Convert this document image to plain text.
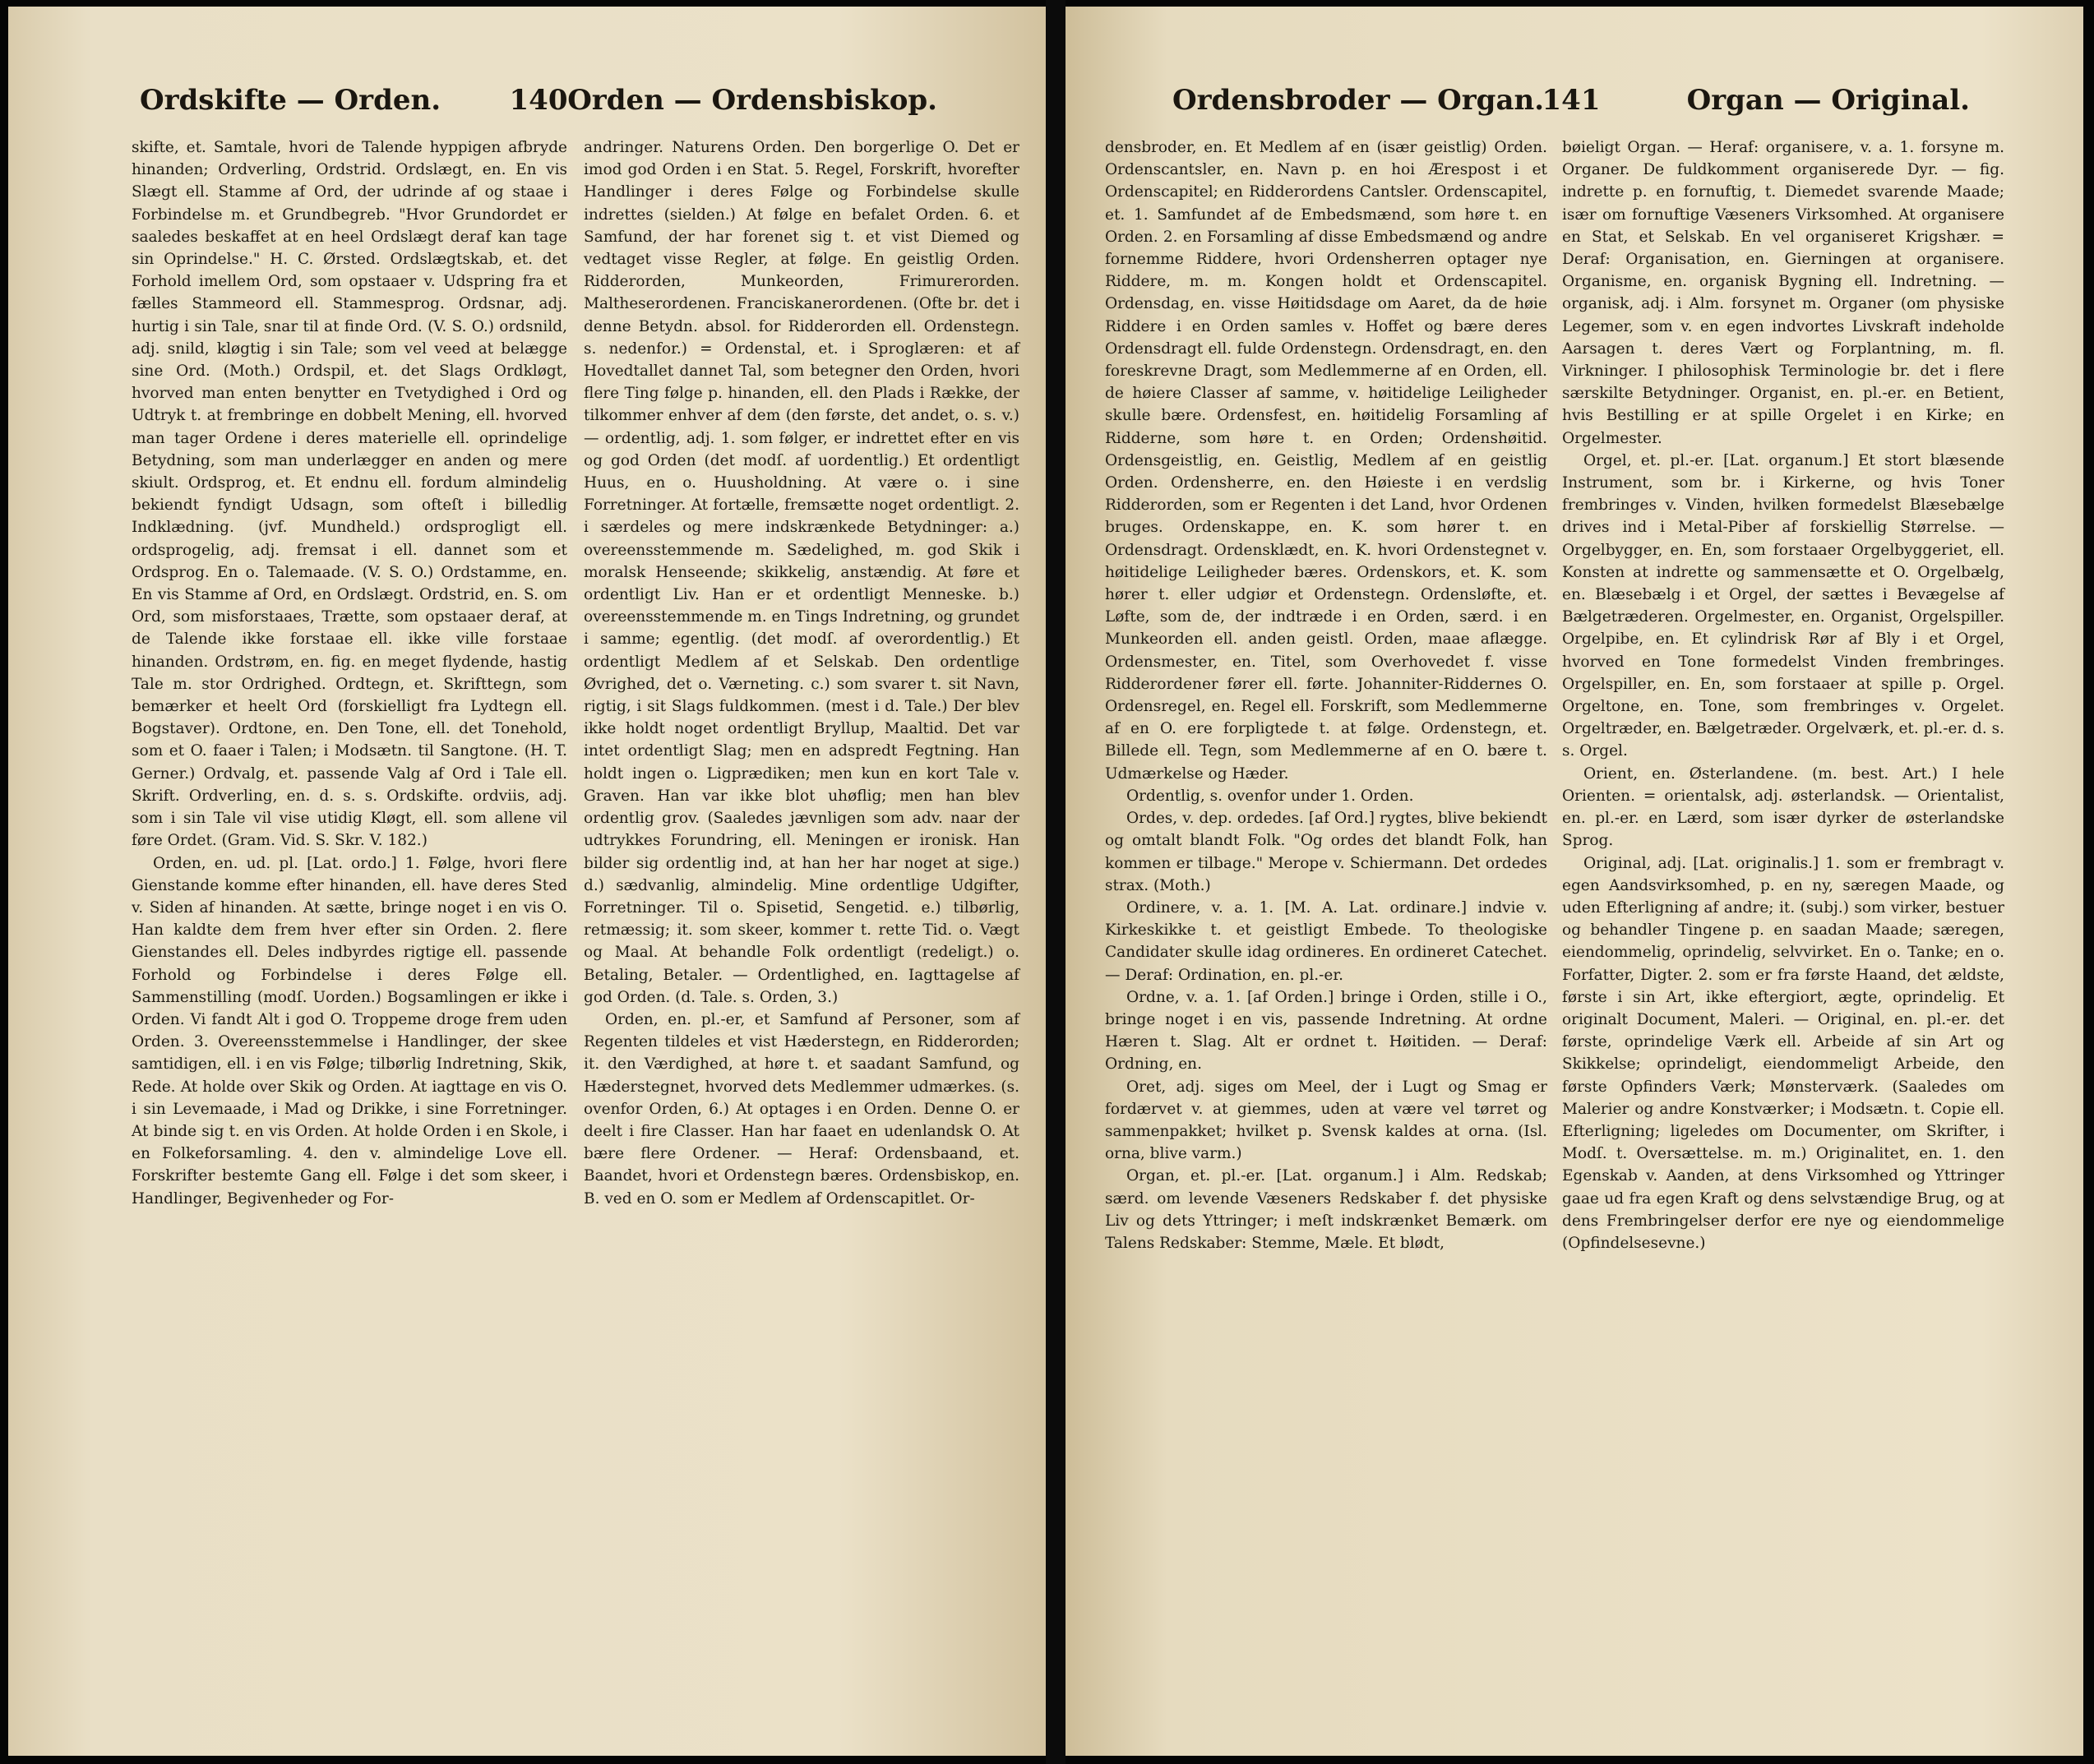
Ordskifte — Orden.	140 Orden — Ordensbiskop.

skifte, et. Samtale, hvori de Talende hyppigen afbryde hinanden; Ordverling, Ordstrid. Ordslægt, en. En vis Slægt ell. Stamme af Ord, der udrinde af og staae i Forbindelse m. et Grundbegreb. "Hvor Grundordet er saaledes beskaffet at en heel Ordslægt deraf kan tage sin Oprindelse." H. C. Ørsted. Ordslægtskab, et. det Forhold imellem Ord, som opstaaer v. Udspring fra et fælles Stammeord ell. Stammesprog. Ordsnar, adj. hurtig i sin Tale, snar til at finde Ord. (V. S. O.) ordsnild, adj. snild, kløgtig i sin Tale; som vel veed at belægge sine Ord. (Moth.) Ordspil, et. det Slags Ordkløgt, hvorved man enten benytter en Tvetydighed i Ord og Udtryk t. at frembringe en dobbelt Mening, ell. hvorved man tager Ordene i deres materielle ell. oprindelige Betydning, som man underlægger en anden og mere skiult. Ordsprog, et. Et endnu ell. fordum almindelig bekiendt fyndigt Udsagn, som ofteſt i billedlig Indklædning. (jvf. Mundheld.) ordsprogligt ell. ordsprogelig, adj. fremsat i ell. dannet som et Ordsprog. En o. Talemaade. (V. S. O.) Ordstamme, en. En vis Stamme af Ord, en Ordslægt. Ordstrid, en. S. om Ord, som misforstaaes, Trætte, som opstaaer deraf, at de Talende ikke forstaae ell. ikke ville forstaae hinanden. Ordstrøm, en. fig. en meget flydende, hastig Tale m. stor Ordrighed. Ordtegn, et. Skrifttegn, som bemærker et heelt Ord (forskielligt fra Lydtegn ell. Bogstaver). Ordtone, en. Den Tone, ell. det Tonehold, som et O. faaer i Talen; i Modsætn. til Sangtone. (H. T. Gerner.) Ordvalg, et. passende Valg af Ord i Tale ell. Skrift. Ordverling, en. d. s. s. Ordskifte. ordviis, adj. som i sin Tale vil vise utidig Kløgt, ell. som allene vil føre Ordet. (Gram. Vid. S. Skr. V. 182.)

Orden, en. ud. pl. [Lat. ordo.] 1. Følge, hvori flere Gienstande komme efter hinanden, ell. have deres Sted v. Siden af hinanden. At sætte, bringe noget i en vis O. Han kaldte dem frem hver efter sin Orden. 2. flere Gienstandes ell. Deles indbyrdes rigtige ell. passende Forhold og Forbindelse i deres Følge ell. Sammenstilling (modſ. Uorden.) Bogsamlingen er ikke i Orden. Vi fandt Alt i god O. Troppeme droge frem uden Orden. 3. Overeensstemmelse i Handlinger, der skee samtidigen, ell. i en vis Følge; tilbørlig Indretning, Skik, Rede. At holde over Skik og Orden. At iagttage en vis O. i sin Levemaade, i Mad og Drikke, i sine Forretninger. At binde sig t. en vis Orden. At holde Orden i en Skole, i en Folkeforsamling. 4. den v. almindelige Love ell. Forskrifter bestemte Gang ell. Følge i det som skeer, i Handlinger, Begivenheder og For-

andringer. Naturens Orden. Den borgerlige O. Det er imod god Orden i en Stat. 5. Regel, Forskrift, hvorefter Handlinger i deres Følge og Forbindelse skulle indrettes (sielden.) At følge en befalet Orden. 6. et Samfund, der har forenet sig t. et vist Diemed og vedtaget visse Regler, at følge. En geistlig Orden. Ridderorden, Munkeorden, Frimurerorden. Maltheserordenen. Franciskanerordenen. (Ofte br. det i denne Betydn. absol. for Ridderorden ell. Ordenstegn. s. nedenfor.) = Ordenstal, et. i Sproglæren: et af Hovedtallet dannet Tal, som betegner den Orden, hvori flere Ting følge p. hinanden, ell. den Plads i Række, der tilkommer enhver af dem (den første, det andet, o. s. v.) — ordentlig, adj. 1. som følger, er indrettet efter en vis og god Orden (det modſ. af uordentlig.) Et ordentligt Huus, en o. Huusholdning. At være o. i sine Forretninger. At fortælle, fremsætte noget ordentligt. 2. i særdeles og mere indskrænkede Betydninger: a.) overeensstemmende m. Sædelighed, m. god Skik i moralsk Henseende; skikkelig, anstændig. At føre et ordentligt Liv. Han er et ordentligt Menneske. b.) overeensstemmende m. en Tings Indretning, og grundet i samme; egentlig. (det modſ. af overordentlig.) Et ordentligt Medlem af et Selskab. Den ordentlige Øvrighed, det o. Værneting. c.) som svarer t. sit Navn, rigtig, i sit Slags fuldkommen. (mest i d. Tale.) Der blev ikke holdt noget ordentligt Bryllup, Maaltid. Det var intet ordentligt Slag; men en adspredt Fegtning. Han holdt ingen o. Ligprædiken; men kun en kort Tale v. Graven. Han var ikke blot uhøflig; men han blev ordentlig grov. (Saaledes jævnligen som adv. naar der udtrykkes Forundring, ell. Meningen er ironisk. Han bilder sig ordentlig ind, at han her har noget at sige.) d.) sædvanlig, almindelig. Mine ordentlige Udgifter, Forretninger. Til o. Spisetid, Sengetid. e.) tilbørlig, retmæssig; it. som skeer, kommer t. rette Tid. o. Vægt og Maal. At behandle Folk ordentligt (redeligt.) o. Betaling, Betaler. — Ordentlighed, en. Iagttagelse af god Orden. (d. Tale. s. Orden, 3.)

Orden, en. pl.-er, et Samfund af Personer, som af Regenten tildeles et vist Hæderstegn, en Ridderorden; it. den Værdighed, at høre t. et saadant Samfund, og Hæderstegnet, hvorved dets Medlemmer udmærkes. (s. ovenfor Orden, 6.) At optages i en Orden. Denne O. er deelt i fire Classer. Han har faaet en udenlandsk O. At bære flere Ordener. — Heraf: Ordensbaand, et. Baandet, hvori et Ordenstegn bæres. Ordensbiskop, en. B. ved en O. som er Medlem af Ordenscapitlet. Or-

Ordensbroder — Organ.
141	Organ — Original.

densbroder, en. Et Medlem af en (især geistlig) Orden. Ordenscantsler, en. Navn p. en hoi Ærespost i et Ordenscapitel; en Ridderordens Cantsler. Ordenscapitel, et. 1. Samfundet af de Embedsmænd, som høre t. en Orden. 2. en Forsamling af disse Embedsmænd og andre fornemme Riddere, hvori Ordensherren optager nye Riddere, m. m. Kongen holdt et Ordenscapitel. Ordensdag, en. visse Høitidsdage om Aaret, da de høie Riddere i en Orden samles v. Hoffet og bære deres Ordensdragt ell. fulde Ordenstegn. Ordensdragt, en. den foreskrevne Dragt, som Medlemmerne af en Orden, ell. de høiere Classer af samme, v. høitidelige Leiligheder skulle bære. Ordensfest, en. høitidelig Forsamling af Ridderne, som høre t. en Orden; Ordenshøitid. Ordensgeistlig, en. Geistlig, Medlem af en geistlig Orden. Ordensherre, en. den Høieste i en verdslig Ridderorden, som er Regenten i det Land, hvor Ordenen bruges. Ordenskappe, en. K. som hører t. en Ordensdragt. Ordensklædt, en. K. hvori Ordenstegnet v. høitidelige Leiligheder bæres. Ordenskors, et. K. som hører t. eller udgiør et Ordenstegn. Ordensløfte, et. Løfte, som de, der indtræde i en Orden, særd. i en Munkeorden ell. anden geistl. Orden, maae aflægge. Ordensmester, en. Titel, som Overhovedet f. visse Ridderordener fører ell. førte. Johanniter-Riddernes O. Ordensregel, en. Regel ell. Forskrift, som Medlemmerne af en O. ere forpligtede t. at følge. Ordenstegn, et. Billede ell. Tegn, som Medlemmerne af en O. bære t. Udmærkelse og Hæder.

Ordentlig, s. ovenfor under 1. Orden.

Ordes, v. dep. ordedes. [af Ord.] rygtes, blive bekiendt og omtalt blandt Folk. "Og ordes det blandt Folk, han kommen er tilbage." Merope v. Schiermann. Det ordedes strax. (Moth.)

Ordinere, v. a. 1. [M. A. Lat. ordinare.] indvie v. Kirkeskikke t. et geistligt Embede. To theologiske Candidater skulle idag ordineres. En ordineret Catechet. — Deraf: Ordination, en. pl.-er.

Ordne, v. a. 1. [af Orden.] bringe i Orden, stille i O., bringe noget i en vis, passende Indretning. At ordne Hæren t. Slag. Alt er ordnet t. Høitiden. — Deraf: Ordning, en.

Oret, adj. siges om Meel, der i Lugt og Smag er fordærvet v. at giemmes, uden at være vel tørret og sammenpakket; hvilket p. Svensk kaldes at orna. (Isl. orna, blive varm.)

Organ, et. pl.-er. [Lat. organum.] i Alm. Redskab; særd. om levende Væseners Redskaber f. det physiske Liv og dets Yttringer; i meſt indskrænket Bemærk. om Talens Redskaber: Stemme, Mæle. Et blødt,

bøieligt Organ. — Heraf: organisere, v. a. 1. forsyne m. Organer. De fuldkomment organiserede Dyr. — fig. indrette p. en fornuftig, t. Diemedet svarende Maade; især om fornuftige Væseners Virksomhed. At organisere en Stat, et Selskab. En vel organiseret Krigshær. = Deraf: Organisation, en. Gierningen at organisere. Organisme, en. organisk Bygning ell. Indretning. — organisk, adj. i Alm. forsynet m. Organer (om physiske Legemer, som v. en egen indvortes Livskraft indeholde Aarsagen t. deres Vært og Forplantning, m. fl. Virkninger. I philosophisk Terminologie br. det i flere særskilte Betydninger. Organist, en. pl.-er. en Betient, hvis Bestilling er at spille Orgelet i en Kirke; en Orgelmester.

Orgel, et. pl.-er. [Lat. organum.] Et stort blæsende Instrument, som br. i Kirkerne, og hvis Toner frembringes v. Vinden, hvilken formedelst Blæsebælge drives ind i Metal-Piber af forskiellig Størrelse. — Orgelbygger, en. En, som forstaaer Orgelbyggeriet, ell. Konsten at indrette og sammensætte et O. Orgelbælg, en. Blæsebælg i et Orgel, der sættes i Bevægelse af Bælgetræderen. Orgelmester, en. Organist, Orgelspiller. Orgelpibe, en. Et cylindrisk Rør af Bly i et Orgel, hvorved en Tone formedelst Vinden frembringes. Orgelspiller, en. En, som forstaaer at spille p. Orgel. Orgeltone, en. Tone, som frembringes v. Orgelet. Orgeltræder, en. Bælgetræder. Orgelværk, et. pl.-er. d. s. s. Orgel.

Orient, en. Østerlandene. (m. best. Art.) I hele Orienten. = orientalsk, adj. østerlandsk. — Orientalist, en. pl.-er. en Lærd, som især dyrker de østerlandske Sprog.

Original, adj. [Lat. originalis.] 1. som er frembragt v. egen Aandsvirksomhed, p. en ny, særegen Maade, og uden Efterligning af andre; it. (subj.) som virker, bestuer og behandler Tingene p. en saadan Maade; særegen, eiendommelig, oprindelig, selvvirket. En o. Tanke; en o. Forfatter, Digter. 2. som er fra første Haand, det ældste, første i sin Art, ikke eftergiort, ægte, oprindelig. Et originalt Document, Maleri. — Original, en. pl.-er. det første, oprindelige Værk ell. Arbeide af sin Art og Skikkelse; oprindeligt, eiendommeligt Arbeide, den første Opfinders Værk; Mønsterværk. (Saaledes om Malerier og andre Konstværker; i Modsætn. t. Copie ell. Efterligning; ligeledes om Documenter, om Skrifter, i Modſ. t. Oversættelse. m. m.) Originalitet, en. 1. den Egenskab v. Aanden, at dens Virksomhed og Yttringer gaae ud fra egen Kraft og dens selvstændige Brug, og at dens Frembringelser derfor ere nye og eiendommelige (Opfindelsesevne.)
